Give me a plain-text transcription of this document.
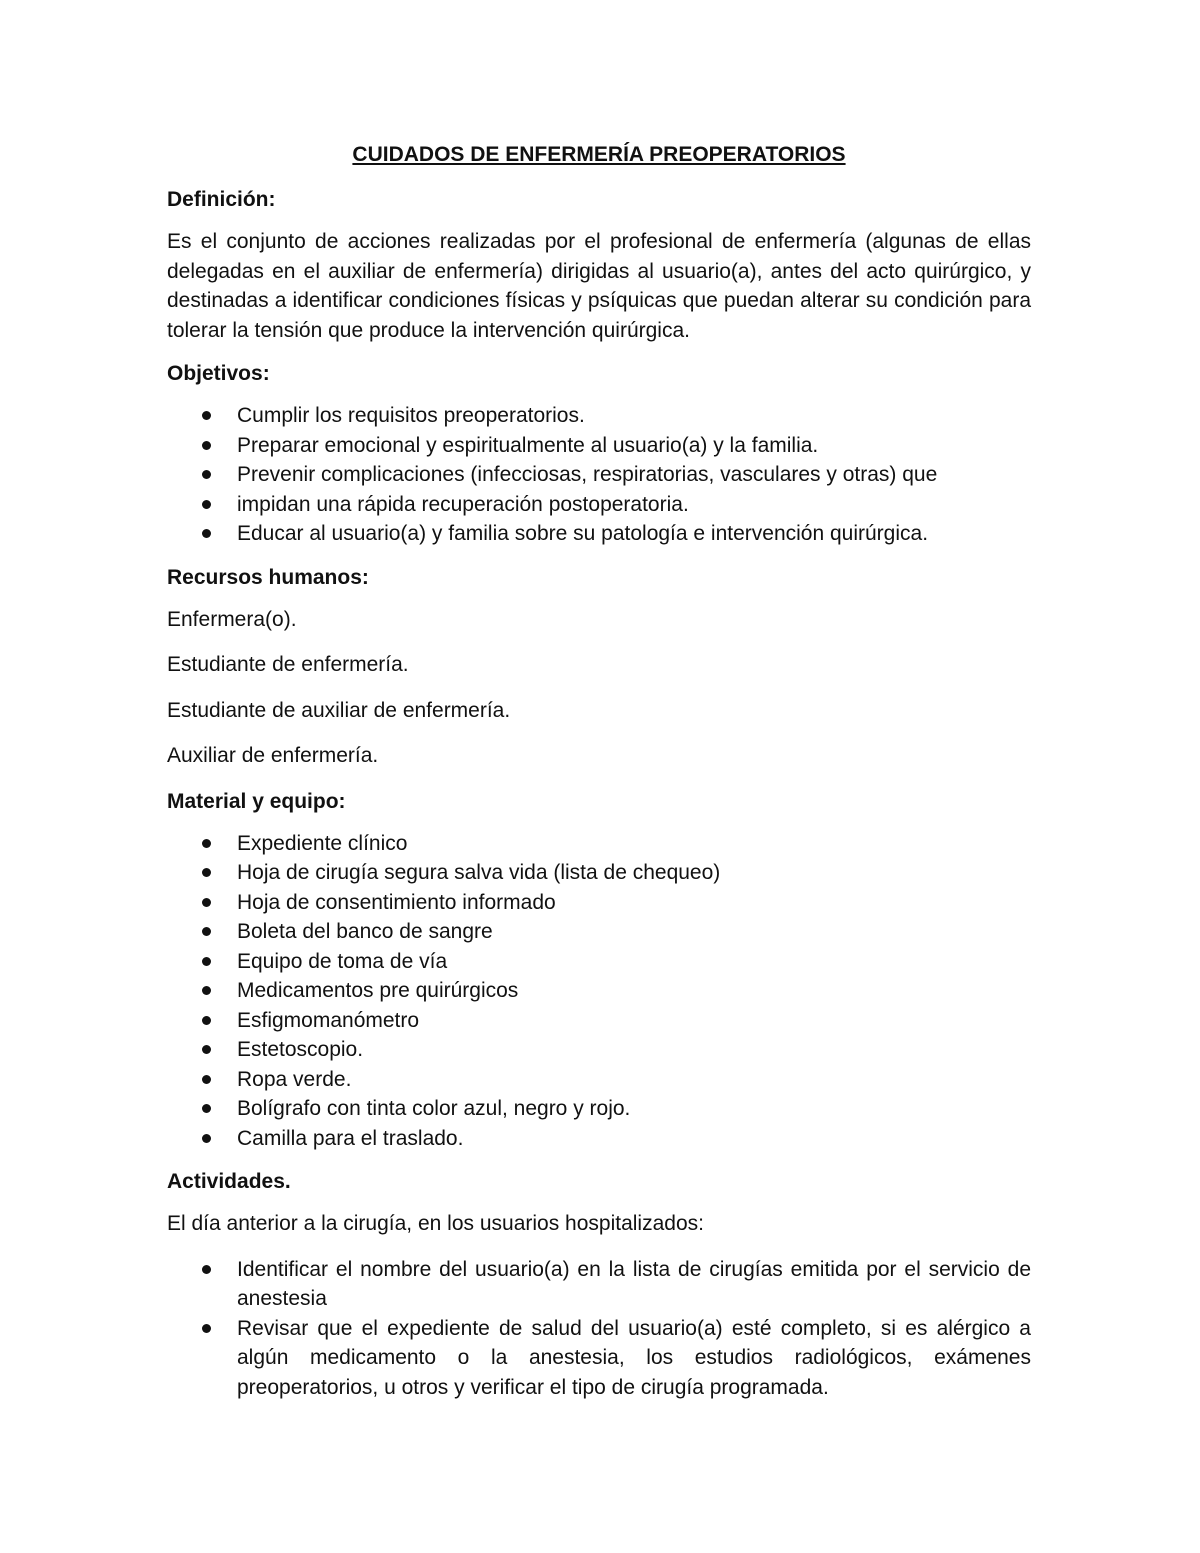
CUIDADOS DE ENFERMERÍA PREOPERATORIOS
Definición:
Es el conjunto de acciones realizadas por el profesional de enfermería (algunas de ellas delegadas en el auxiliar de enfermería) dirigidas al usuario(a), antes del acto quirúrgico, y destinadas a identificar condiciones físicas y psíquicas que puedan alterar su condición para tolerar la tensión que produce la intervención quirúrgica.
Objetivos:
Cumplir los requisitos preoperatorios.
Preparar emocional y espiritualmente al usuario(a) y la familia.
Prevenir complicaciones (infecciosas, respiratorias, vasculares y otras) que
impidan una rápida recuperación postoperatoria.
Educar al usuario(a) y familia sobre su patología e intervención quirúrgica.
Recursos humanos:
Enfermera(o).
Estudiante de enfermería.
Estudiante de auxiliar de enfermería.
Auxiliar de enfermería.
Material y equipo:
Expediente clínico
Hoja de cirugía segura salva vida (lista de chequeo)
Hoja de consentimiento informado
Boleta del banco de sangre
Equipo de toma de vía
Medicamentos pre quirúrgicos
Esfigmomanómetro
Estetoscopio.
Ropa verde.
Bolígrafo con tinta color azul, negro y rojo.
Camilla para el traslado.
Actividades.
El día anterior a la cirugía, en los usuarios hospitalizados:
Identificar el nombre del usuario(a) en la lista de cirugías emitida por el servicio de anestesia
Revisar que el expediente de salud del usuario(a) esté completo, si es alérgico a algún medicamento o la anestesia, los estudios radiológicos, exámenes preoperatorios, u otros y verificar el tipo de cirugía programada.
